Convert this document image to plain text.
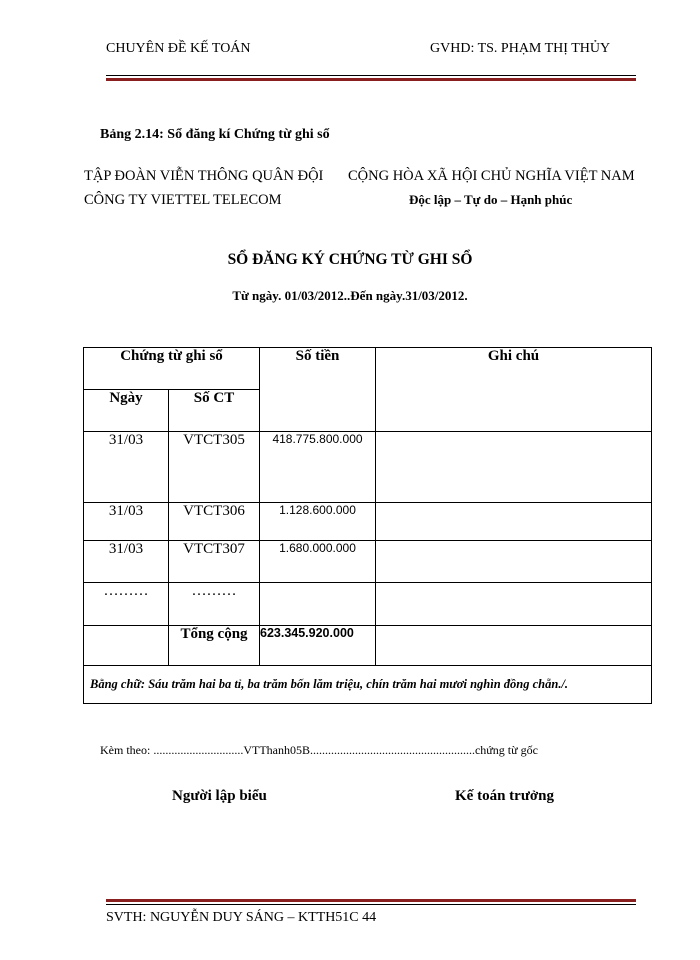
CHUYÊN ĐỀ KẾ TOÁN	GVHD: TS. PHẠM THỊ THỦY
Bảng 2.14: Sổ đăng kí Chứng từ ghi sổ
TẬP ĐOÀN VIỄN THÔNG QUÂN ĐỘI
CÔNG TY VIETTEL TELECOM
CỘNG HÒA XÃ HỘI CHỦ NGHĨA VIỆT NAM
Độc lập – Tự do – Hạnh phúc
SỔ ĐĂNG KÝ CHỨNG TỪ GHI SỔ
Từ ngày. 01/03/2012..Đến ngày.31/03/2012.
Chứng từ ghi sổ		Số tiền	Ghi chú
Ngày	Số CT		
31/03	VTCT305	418.775.800.000	
31/03	VTCT306	1.128.600.000	
31/03	VTCT307	1.680.000.000	
………	………		
	Tổng cộng	623.345.920.000	
Bằng chữ: Sáu trăm hai ba tỉ, ba trăm bốn lăm triệu, chín trăm hai mươi nghìn đồng chẵn./.			
Kèm theo: ..............................VTThanh05B.......................................................chứng từ gốc
Người lập biểu	Kế toán trưởng
SVTH: NGUYỄN DUY SÁNG – KTTH51C 44
